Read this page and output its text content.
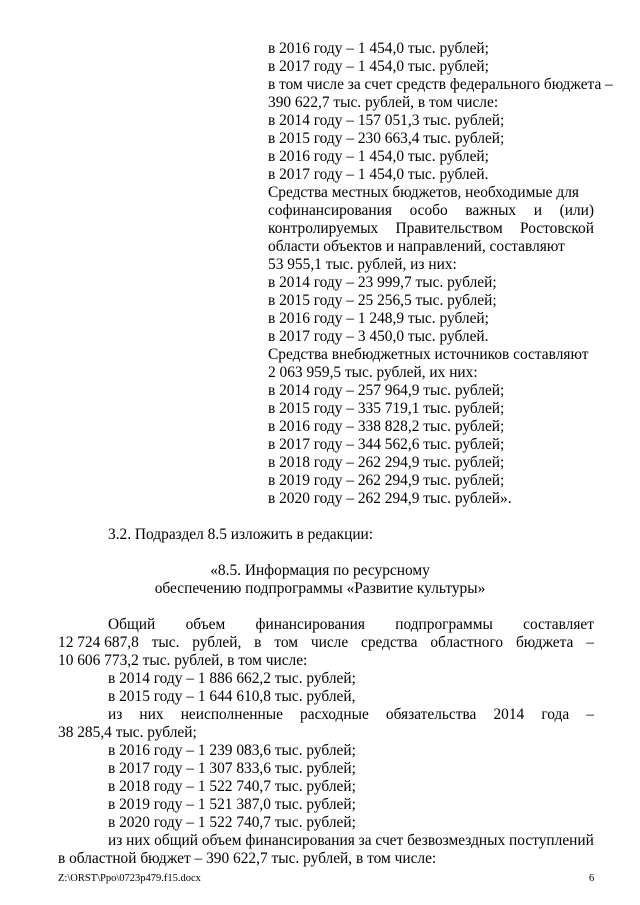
в 2016 году – 1 454,0 тыс. рублей;
в 2017 году – 1 454,0 тыс. рублей;
в том числе за счет средств федерального бюджета –
390 622,7 тыс. рублей, в том числе:
в 2014 году – 157 051,3 тыс. рублей;
в 2015 году – 230 663,4 тыс. рублей;
в 2016 году – 1 454,0 тыс. рублей;
в 2017 году – 1 454,0 тыс. рублей.
Средства местных бюджетов, необходимые для
софинансирования особо важных и (или)
контролируемых Правительством Ростовской
области объектов и направлений, составляют
53 955,1 тыс. рублей, из них:
в 2014 году – 23 999,7 тыс. рублей;
в 2015 году – 25 256,5 тыс. рублей;
в 2016 году – 1 248,9 тыс. рублей;
в 2017 году – 3 450,0 тыс. рублей.
Средства внебюджетных источников составляют
2 063 959,5 тыс. рублей, их них:
в 2014 году – 257 964,9 тыс. рублей;
в 2015 году – 335 719,1 тыс. рублей;
в 2016 году – 338 828,2 тыс. рублей;
в 2017 году – 344 562,6 тыс. рублей;
в 2018 году – 262 294,9 тыс. рублей;
в 2019 году – 262 294,9 тыс. рублей;
в 2020 году – 262 294,9 тыс. рублей».
3.2. Подраздел 8.5 изложить в редакции:
«8.5. Информация по ресурсному
обеспечению подпрограммы «Развитие культуры»
Общий объем финансирования подпрограммы составляет
12 724 687,8 тыс. рублей, в том числе средства областного бюджета –
10 606 773,2 тыс. рублей, в том числе:
в 2014 году – 1 886 662,2 тыс. рублей;
в 2015 году – 1 644 610,8 тыс. рублей,
из них неисполненные расходные обязательства 2014 года –
38 285,4 тыс. рублей;
в 2016 году – 1 239 083,6 тыс. рублей;
в 2017 году – 1 307 833,6 тыс. рублей;
в 2018 году – 1 522 740,7 тыс. рублей;
в 2019 году – 1 521 387,0 тыс. рублей;
в 2020 году – 1 522 740,7 тыс. рублей;
из них общий объем финансирования за счет безвозмездных поступлений
в областной бюджет – 390 622,7 тыс. рублей, в том числе:
Z:\ORST\Ppo\0723p479.f15.docx	6
